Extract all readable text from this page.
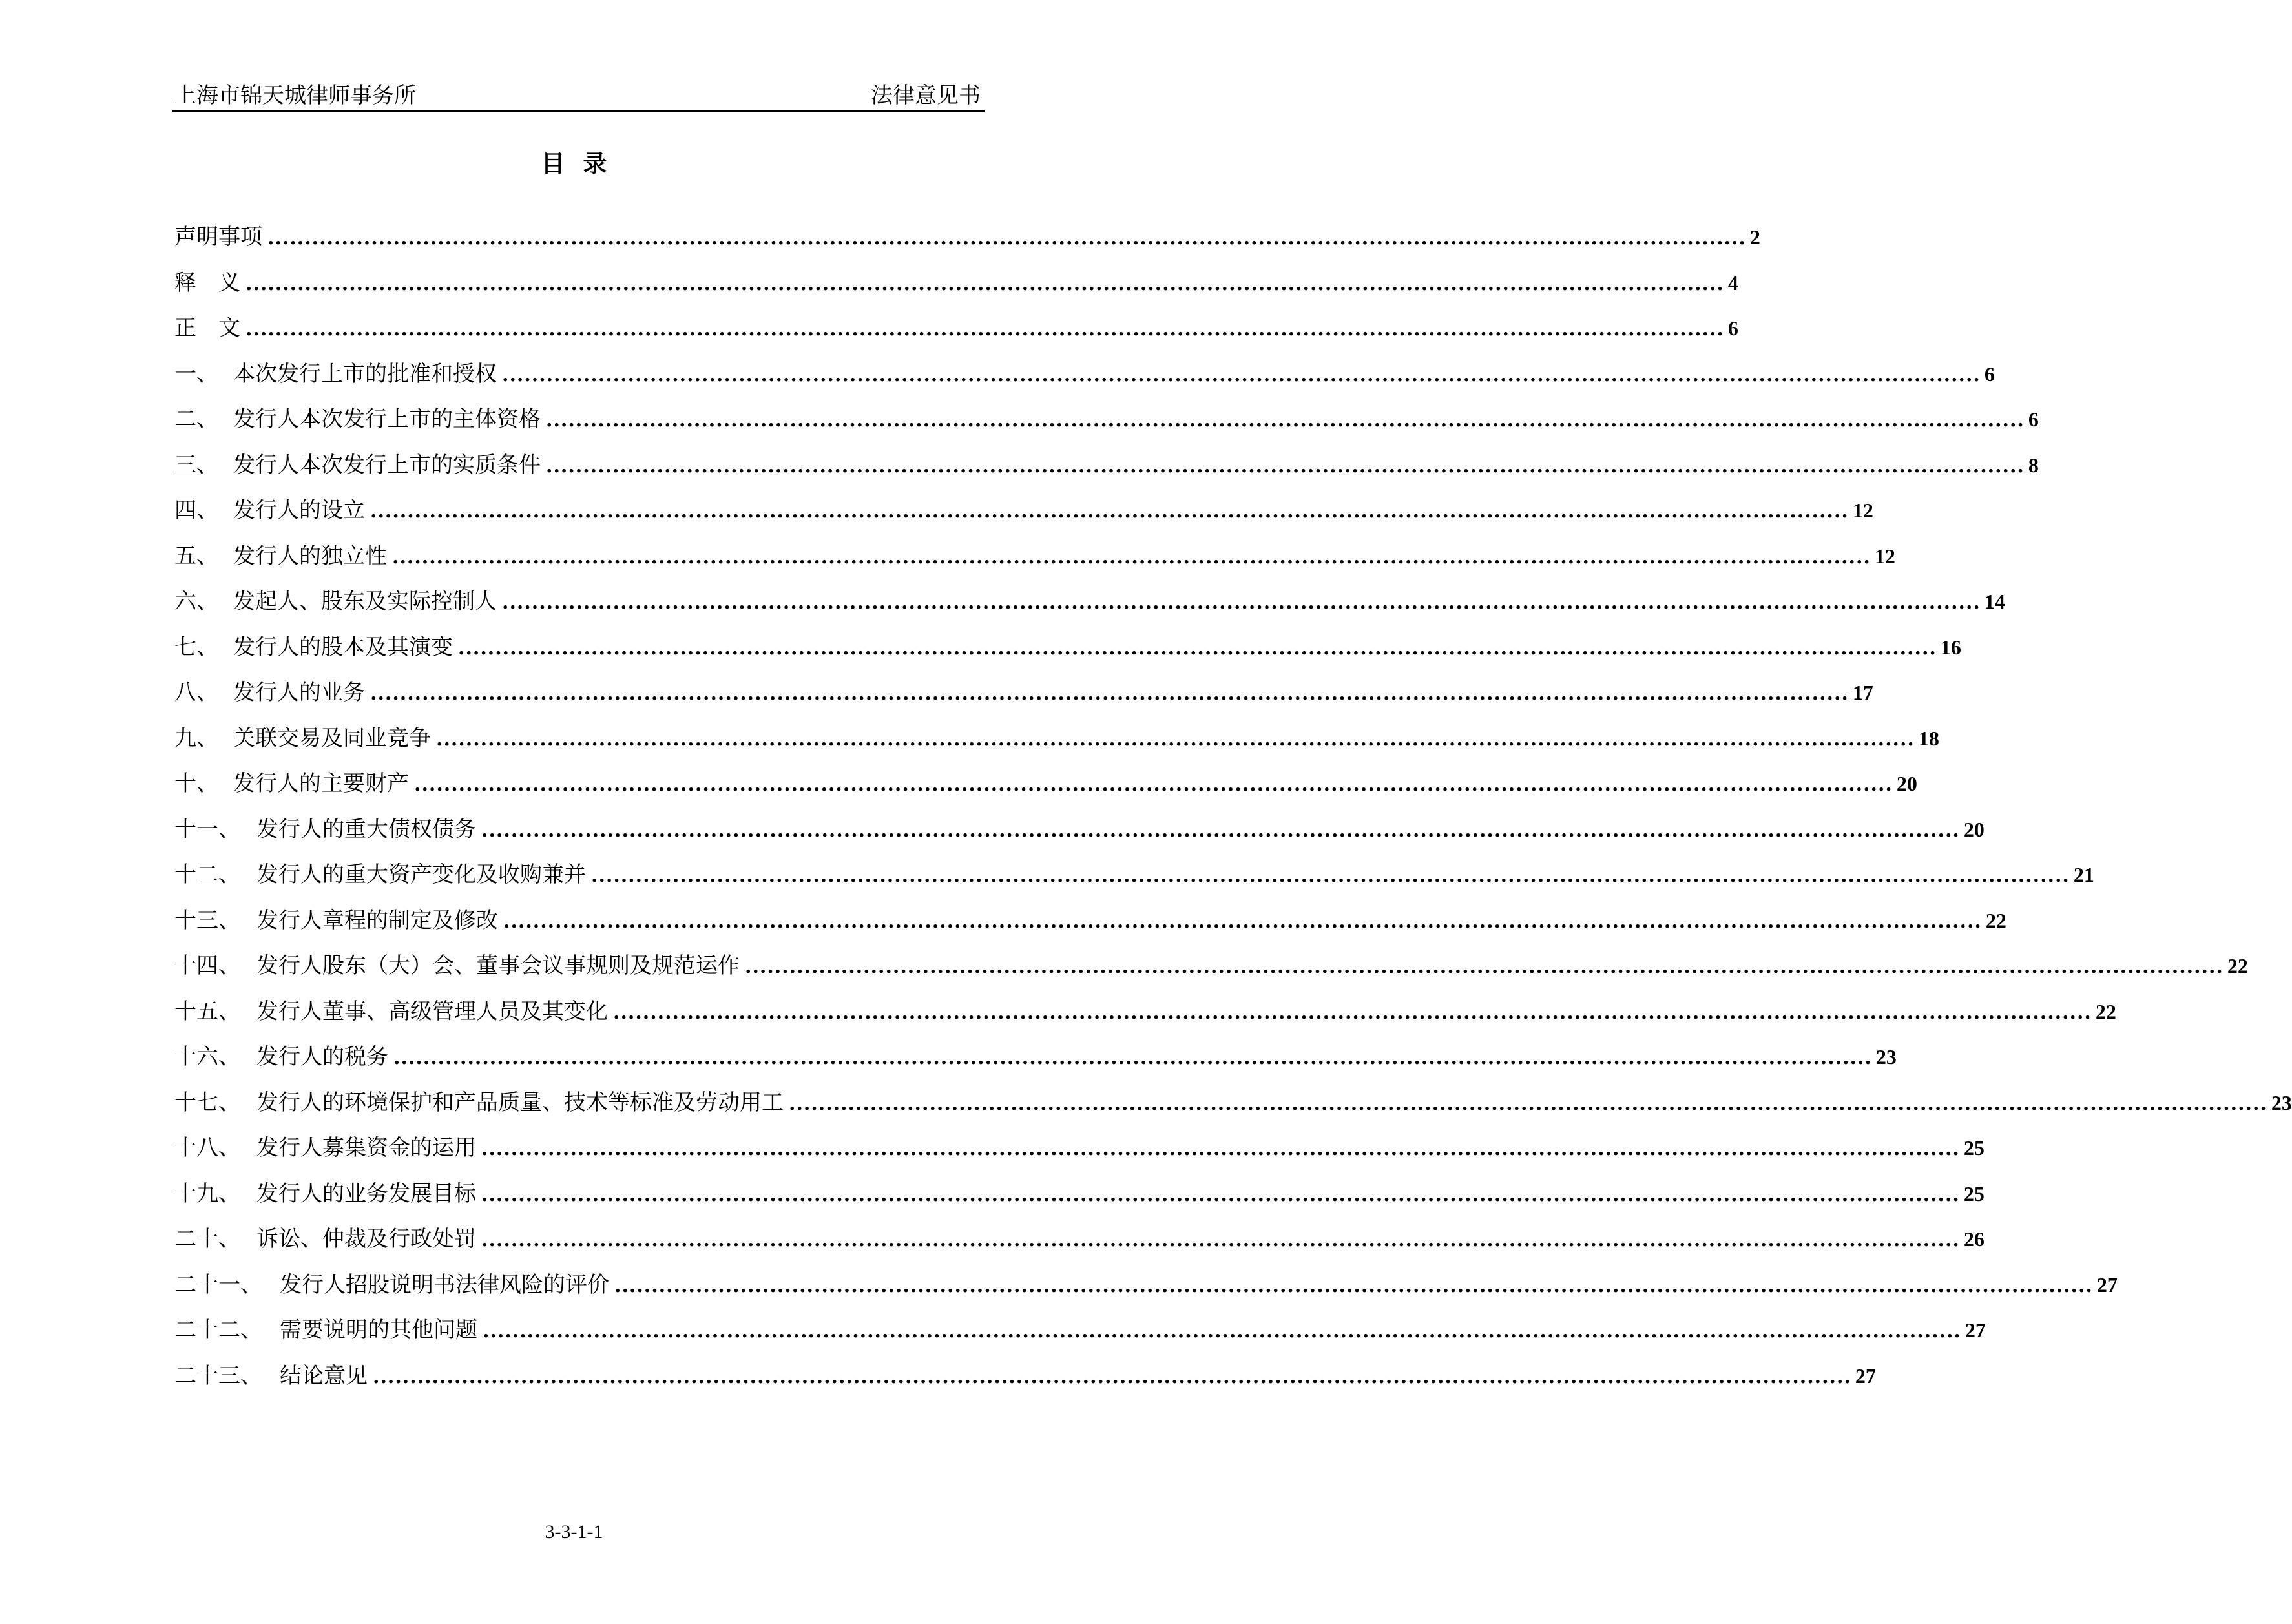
上海市锦天城律师事务所	法律意见书
目录
声明事项 ........................................................................................................................................................................................................ 2
释　义 ........................................................................................................................................................................................................ 4
正　文 ........................................................................................................................................................................................................ 6
一、 本次发行上市的批准和授权 ........................................................................................................................................................................................................ 6
二、 发行人本次发行上市的主体资格 ........................................................................................................................................................................................................ 6
三、 发行人本次发行上市的实质条件 ........................................................................................................................................................................................................ 8
四、 发行人的设立 ........................................................................................................................................................................................................ 12
五、 发行人的独立性 ........................................................................................................................................................................................................ 12
六、 发起人、股东及实际控制人 ........................................................................................................................................................................................................ 14
七、 发行人的股本及其演变 ........................................................................................................................................................................................................ 16
八、 发行人的业务 ........................................................................................................................................................................................................ 17
九、 关联交易及同业竞争 ........................................................................................................................................................................................................ 18
十、 发行人的主要财产 ........................................................................................................................................................................................................ 20
十一、 发行人的重大债权债务 ........................................................................................................................................................................................................ 20
十二、 发行人的重大资产变化及收购兼并 ........................................................................................................................................................................................................ 21
十三、 发行人章程的制定及修改 ........................................................................................................................................................................................................ 22
十四、 发行人股东（大）会、董事会议事规则及规范运作 ........................................................................................................................................................................................................ 22
十五、 发行人董事、高级管理人员及其变化 ........................................................................................................................................................................................................ 22
十六、 发行人的税务 ........................................................................................................................................................................................................ 23
十七、 发行人的环境保护和产品质量、技术等标准及劳动用工 ........................................................................................................................................................................................................ 23
十八、 发行人募集资金的运用 ........................................................................................................................................................................................................ 25
十九、 发行人的业务发展目标 ........................................................................................................................................................................................................ 25
二十、 诉讼、仲裁及行政处罚 ........................................................................................................................................................................................................ 26
二十一、 发行人招股说明书法律风险的评价 ........................................................................................................................................................................................................ 27
二十二、 需要说明的其他问题 ........................................................................................................................................................................................................ 27
二十三、 结论意见 ........................................................................................................................................................................................................ 27
3-3-1-1
